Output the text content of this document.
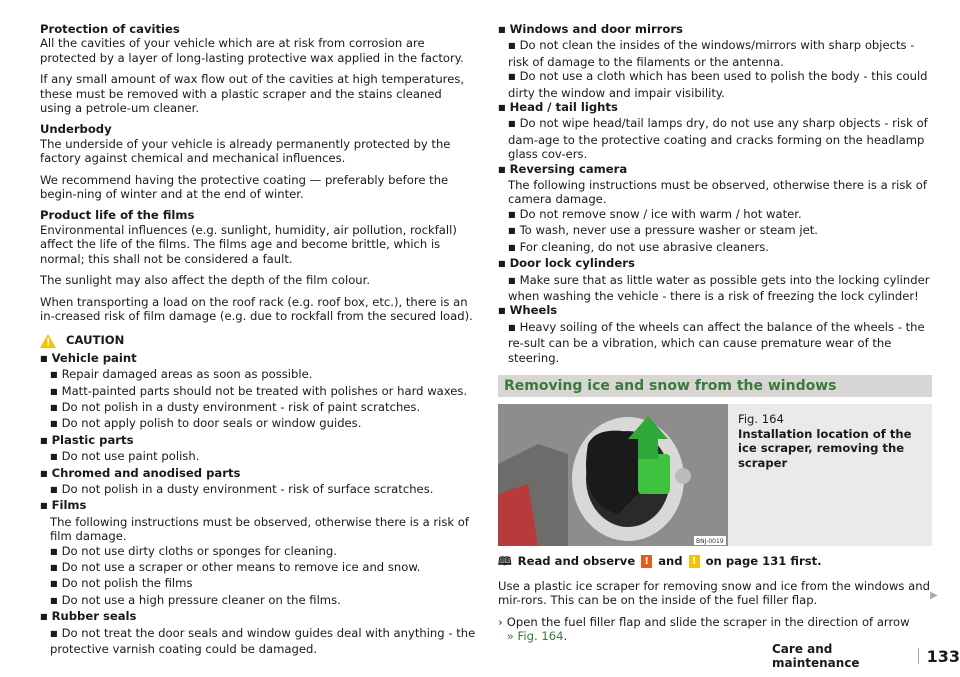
Protection of cavities
All the cavities of your vehicle which are at risk from corrosion are protected by a layer of long-lasting protective wax applied in the factory.

If any small amount of wax flow out of the cavities at high temperatures, these must be removed with a plastic scraper and the stains cleaned using a petrole-um cleaner.

Underbody
The underside of your vehicle is already permanently protected by the factory against chemical and mechanical influences.

We recommend having the protective coating — preferably before the begin-ning of winter and at the end of winter.

Product life of the films
Environmental influences (e.g. sunlight, humidity, air pollution, rockfall) affect the life of the films. The films age and become brittle, which is normal; this shall not be considered a fault.

The sunlight may also affect the depth of the film colour.

When transporting a load on the roof rack (e.g. roof box, etc.), there is an in-creased risk of film damage (e.g. due to rockfall from the secured load).

!
CAUTION
■ Vehicle paint
■ Repair damaged areas as soon as possible.
■ Matt-painted parts should not be treated with polishes or hard waxes.
■ Do not polish in a dusty environment - risk of paint scratches.
■ Do not apply polish to door seals or window guides.
■ Plastic parts
■ Do not use paint polish.
■ Chromed and anodised parts
■ Do not polish in a dusty environment - risk of surface scratches.
■ Films
The following instructions must be observed, otherwise there is a risk of film damage.
■ Do not use dirty cloths or sponges for cleaning.
■ Do not use a scraper or other means to remove ice and snow.
■ Do not polish the films
■ Do not use a high pressure cleaner on the films.
■ Rubber seals
■ Do not treat the door seals and window guides deal with anything - the protective varnish coating could be damaged.
■ Windows and door mirrors
■ Do not clean the insides of the windows/mirrors with sharp objects - risk of damage to the filaments or the antenna.
■ Do not use a cloth which has been used to polish the body - this could dirty the window and impair visibility.
■ Head / tail lights
■ Do not wipe head/tail lamps dry, do not use any sharp objects - risk of dam-age to the protective coating and cracks forming on the headlamp glass cov-ers.
■ Reversing camera
The following instructions must be observed, otherwise there is a risk of camera damage.
■ Do not remove snow / ice with warm / hot water.
■ To wash, never use a pressure washer or steam jet.
■ For cleaning, do not use abrasive cleaners.
■ Door lock cylinders
■ Make sure that as little water as possible gets into the locking cylinder when washing the vehicle - there is a risk of freezing the lock cylinder!
■ Wheels
■ Heavy soiling of the wheels can affect the balance of the wheels - the re-sult can be a vibration, which can cause premature wear of the steering.
Removing ice and snow from the windows
BNJ-0019
Fig. 164
Installation location of the ice scraper, removing the scraper
🕮 Read and observe ! and ! on page 131 first.

Use a plastic ice scraper for removing snow and ice from the windows and mir-rors. This can be on the inside of the fuel filler flap.

› Open the fuel filler flap and slide the scraper in the direction of arrow
» Fig. 164.
▶
Care and maintenance	133
